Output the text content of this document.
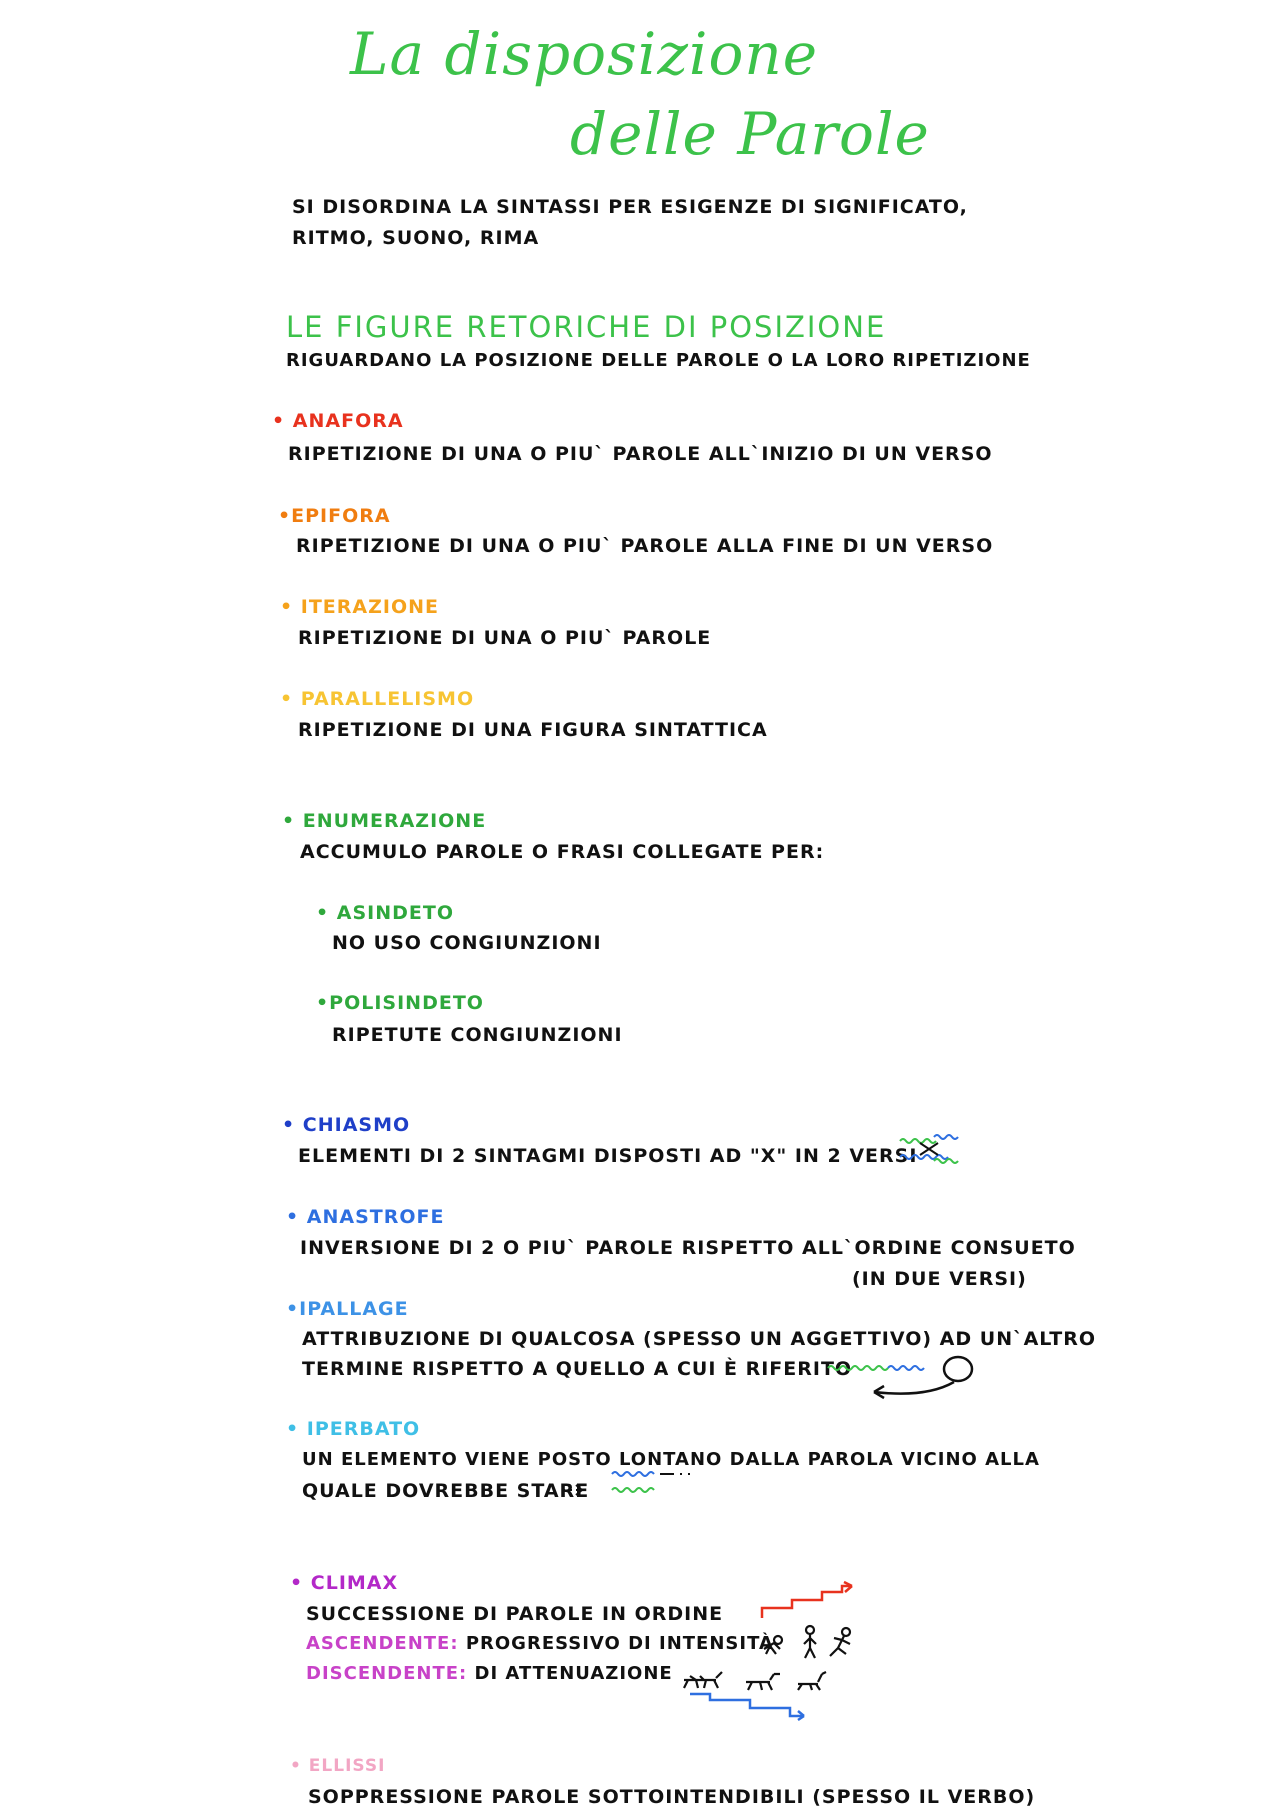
La disposizione
delle Parole
SI DISORDINA LA SINTASSI PER ESIGENZE DI SIGNIFICATO,
RITMO, SUONO, RIMA
LE FIGURE RETORICHE DI POSIZIONE
RIGUARDANO LA POSIZIONE DELLE PAROLE O LA LORO RIPETIZIONE
• ANAFORA
RIPETIZIONE DI UNA O PIU` PAROLE ALL`INIZIO DI UN VERSO
•EPIFORA
RIPETIZIONE DI UNA O PIU` PAROLE ALLA FINE DI UN VERSO
• ITERAZIONE
RIPETIZIONE DI UNA O PIU` PAROLE
• PARALLELISMO
RIPETIZIONE DI UNA FIGURA SINTATTICA
• ENUMERAZIONE
ACCUMULO PAROLE O FRASI COLLEGATE PER:
• ASINDETO
NO USO CONGIUNZIONI
•POLISINDETO
RIPETUTE CONGIUNZIONI
• CHIASMO
ELEMENTI DI 2 SINTAGMI DISPOSTI AD "X" IN 2 VERSI
• ANASTROFE
INVERSIONE DI 2 O PIU` PAROLE RISPETTO ALL`ORDINE CONSUETO
(IN DUE VERSI)
•IPALLAGE
ATTRIBUZIONE DI QUALCOSA (SPESSO UN AGGETTIVO) AD UN`ALTRO
TERMINE RISPETTO A QUELLO A CUI È RIFERITO
• IPERBATO
UN ELEMENTO VIENE POSTO LONTANO DALLA PAROLA VICINO ALLA
QUALE DOVREBBE STARE
• CLIMAX
SUCCESSIONE DI PAROLE IN ORDINE
ASCENDENTE: PROGRESSIVO DI INTENSITÀ
DISCENDENTE: DI ATTENUAZIONE
• ELLISSI
SOPPRESSIONE PAROLE SOTTOINTENDIBILI (SPESSO IL VERBO)
